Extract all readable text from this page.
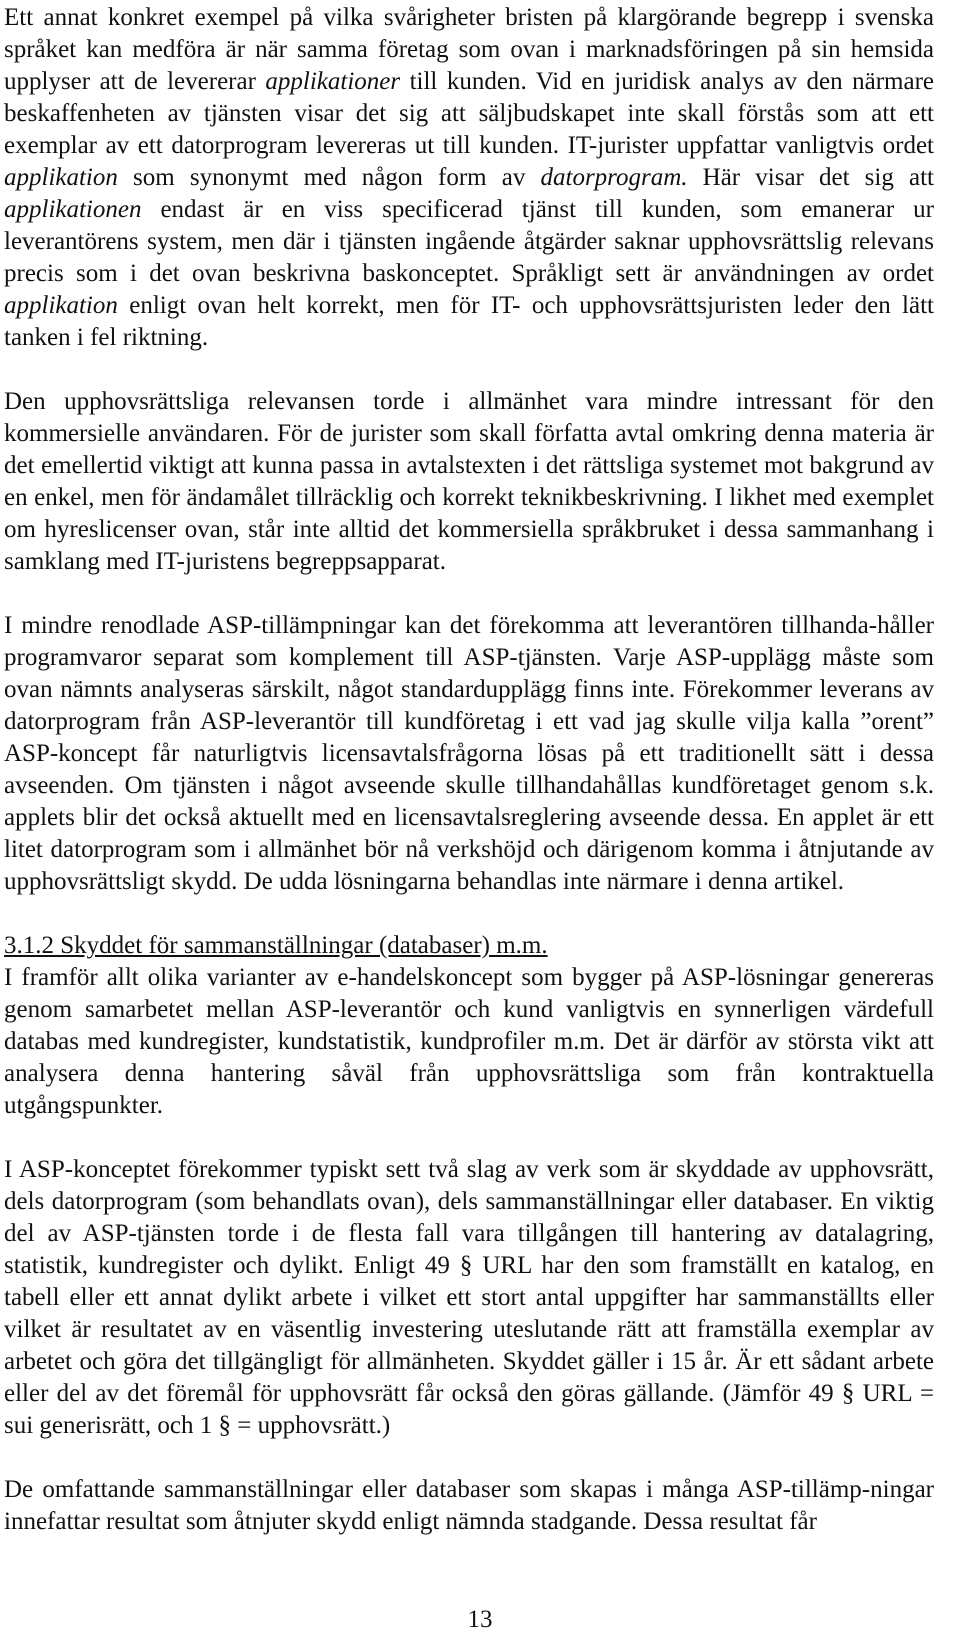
Ett annat konkret exempel på vilka svårigheter bristen på klargörande begrepp i svenska språket kan medföra är när samma företag som ovan i marknadsföringen på sin hemsida upplyser att de levererar applikationer till kunden. Vid en juridisk analys av den närmare beskaffenheten av tjänsten visar det sig att säljbudskapet inte skall förstås som att ett exemplar av ett datorprogram levereras ut till kunden. IT-jurister uppfattar vanligtvis ordet applikation som synonymt med någon form av datorprogram. Här visar det sig att applikationen endast är en viss specificerad tjänst till kunden, som emanerar ur leverantörens system, men där i tjänsten ingående åtgärder saknar upphovsrättslig relevans precis som i det ovan beskrivna baskonceptet. Språkligt sett är användningen av ordet applikation enligt ovan helt korrekt, men för IT- och upphovsrättsjuristen leder den lätt tanken i fel riktning.

Den upphovsrättsliga relevansen torde i allmänhet vara mindre intressant för den kommersielle användaren. För de jurister som skall författa avtal omkring denna materia är det emellertid viktigt att kunna passa in avtalstexten i det rättsliga systemet mot bakgrund av en enkel, men för ändamålet tillräcklig och korrekt teknikbeskrivning. I likhet med exemplet om hyreslicenser ovan, står inte alltid det kommersiella språkbruket i dessa sammanhang i samklang med IT-juristens begreppsapparat.

I mindre renodlade ASP-tillämpningar kan det förekomma att leverantören tillhanda-håller programvaror separat som komplement till ASP-tjänsten. Varje ASP-upplägg måste som ovan nämnts analyseras särskilt, något standardupplägg finns inte. Förekommer leverans av datorprogram från ASP-leverantör till kundföretag i ett vad jag skulle vilja kalla ”orent” ASP-koncept får naturligtvis licensavtalsfrågorna lösas på ett traditionellt sätt i dessa avseenden. Om tjänsten i något avseende skulle tillhandahållas kundföretaget genom s.k. applets blir det också aktuellt med en licensavtalsreglering avseende dessa. En applet är ett litet datorprogram som i allmänhet bör nå verkshöjd och därigenom komma i åtnjutande av upphovsrättsligt skydd. De udda lösningarna behandlas inte närmare i denna artikel.

3.1.2 Skyddet för sammanställningar (databaser) m.m.

I framför allt olika varianter av e-handelskoncept som bygger på ASP-lösningar genereras genom samarbetet mellan ASP-leverantör och kund vanligtvis en synnerligen värdefull databas med kundregister, kundstatistik, kundprofiler m.m. Det är därför av största vikt att analysera denna hantering såväl från upphovsrättsliga som från kontraktuella utgångspunkter.

I ASP-konceptet förekommer typiskt sett två slag av verk som är skyddade av upphovsrätt, dels datorprogram (som behandlats ovan), dels sammanställningar eller databaser. En viktig del av ASP-tjänsten torde i de flesta fall vara tillgången till hantering av datalagring, statistik, kundregister och dylikt. Enligt 49 § URL har den som framställt en katalog, en tabell eller ett annat dylikt arbete i vilket ett stort antal uppgifter har sammanställts eller vilket är resultatet av en väsentlig investering uteslutande rätt att framställa exemplar av arbetet och göra det tillgängligt för allmänheten. Skyddet gäller i 15 år. Är ett sådant arbete eller del av det föremål för upphovsrätt får också den göras gällande. (Jämför 49 § URL = sui generisrätt, och 1 § = upphovsrätt.)

De omfattande sammanställningar eller databaser som skapas i många ASP-tillämp-ningar innefattar resultat som åtnjuter skydd enligt nämnda stadgande. Dessa resultat får

13
